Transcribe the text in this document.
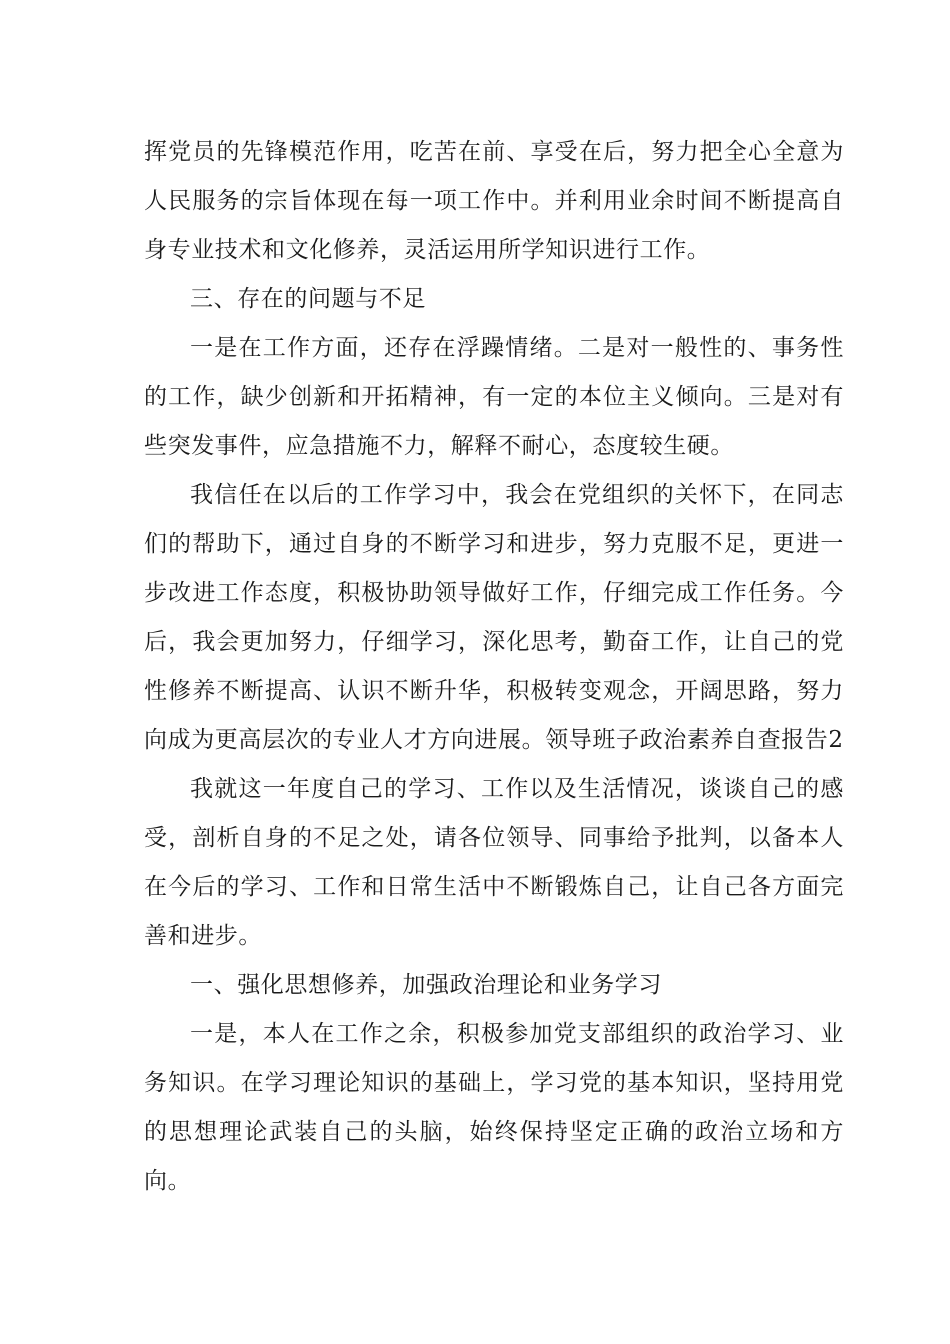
挥党员的先锋模范作用，吃苦在前、享受在后，努力把全心全意为人民服务的宗旨体现在每一项工作中。并利用业余时间不断提高自身专业技术和文化修养，灵活运用所学知识进行工作。

三、存在的问题与不足

一是在工作方面，还存在浮躁情绪。二是对一般性的、事务性的工作，缺少创新和开拓精神，有一定的本位主义倾向。三是对有些突发事件，应急措施不力，解释不耐心，态度较生硬。

我信任在以后的工作学习中，我会在党组织的关怀下，在同志们的帮助下，通过自身的不断学习和进步，努力克服不足，更进一步改进工作态度，积极协助领导做好工作，仔细完成工作任务。今后，我会更加努力，仔细学习，深化思考，勤奋工作，让自己的党性修养不断提高、认识不断升华，积极转变观念，开阔思路，努力向成为更高层次的专业人才方向进展。领导班子政治素养自查报告2

我就这一年度自己的学习、工作以及生活情况，谈谈自己的感受，剖析自身的不足之处，请各位领导、同事给予批判，以备本人在今后的学习、工作和日常生活中不断锻炼自己，让自己各方面完善和进步。

一、强化思想修养，加强政治理论和业务学习

一是，本人在工作之余，积极参加党支部组织的政治学习、业务知识。在学习理论知识的基础上，学习党的基本知识，坚持用党的思想理论武装自己的头脑，始终保持坚定正确的政治立场和方向。
